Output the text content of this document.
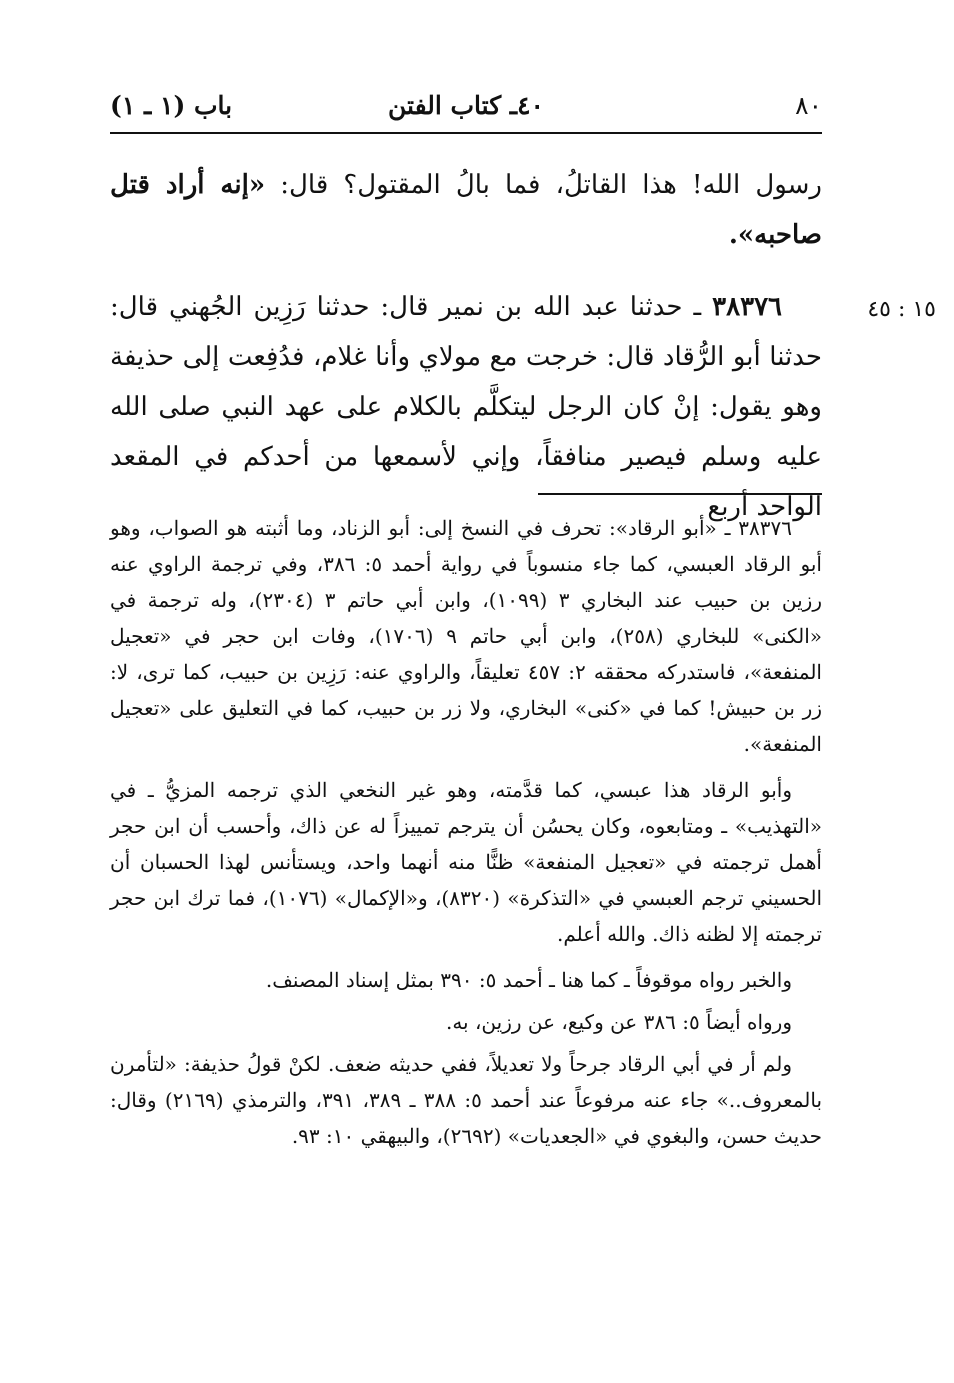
٨٠
٤٠ـ كتاب الفتن
باب (١ ـ ١)

رسول الله! هذا القاتلُ، فما بالُ المقتول؟ قال: «إنه أراد قتل صاحبه».

٣٨٣٧٦ ـ حدثنا عبد الله بن نمير قال: حدثنا رَزِين الجُهني قال: حدثنا أبو الرُّقاد قال: خرجت مع مولاي وأنا غلام، فدُفِعت إلى حذيفة وهو يقول: إنْ كان الرجل ليتكلَّم بالكلام على عهد النبي صلى الله عليه وسلم فيصير منافقاً، وإني لأسمعها من أحدكم في المقعد الواحد أربع

١٥ : ٤٥

٣٨٣٧٦ ـ «أبو الرقاد»: تحرف في النسخ إلى: أبو الزناد، وما أثبته هو الصواب، وهو أبو الرقاد العبسي، كما جاء منسوباً في رواية أحمد ٥: ٣٨٦، وفي ترجمة الراوي عنه رزين بن حبيب عند البخاري ٣ (١٠٩٩)، وابن أبي حاتم ٣ (٢٣٠٤)، وله ترجمة في «الكنى» للبخاري (٢٥٨)، وابن أبي حاتم ٩ (١٧٠٦)، وفات ابن حجر في «تعجيل المنفعة»، فاستدركه محققه ٢: ٤٥٧ تعليقاً، والراوي عنه: رَزِين بن حبيب، كما ترى، لا: زر بن حبيش! كما في «كنى» البخاري، ولا زر بن حبيب، كما في التعليق على «تعجيل المنفعة».

وأبو الرقاد هذا عبسي، كما قدَّمته، وهو غير النخعي الذي ترجمه المزيُّ ـ في «التهذيب» ـ ومتابعوه، وكان يحسُن أن يترجم تمييزاً له عن ذاك، وأحسب أن ابن حجر أهمل ترجمته في «تعجيل المنفعة» ظنًّا منه أنهما واحد، ويستأنس لهذا الحسبان أن الحسيني ترجم العبسي في «التذكرة» (٨٣٢٠)، و«الإكمال» (١٠٧٦)، فما ترك ابن حجر ترجمته إلا لظنه ذاك. والله أعلم.

والخبر رواه موقوفاً ـ كما هنا ـ أحمد ٥: ٣٩٠ بمثل إسناد المصنف.

ورواه أيضاً ٥: ٣٨٦ عن وكيع، عن رزين، به.

ولم أر في أبي الرقاد جرحاً ولا تعديلاً، ففي حديثه ضعف. لكنْ قولُ حذيفة: «لتأمرن بالمعروف..» جاء عنه مرفوعاً عند أحمد ٥: ٣٨٨ ـ ٣٨٩، ٣٩١، والترمذي (٢١٦٩) وقال: حديث حسن، والبغوي في «الجعديات» (٢٦٩٢)، والبيهقي ١٠: ٩٣.
